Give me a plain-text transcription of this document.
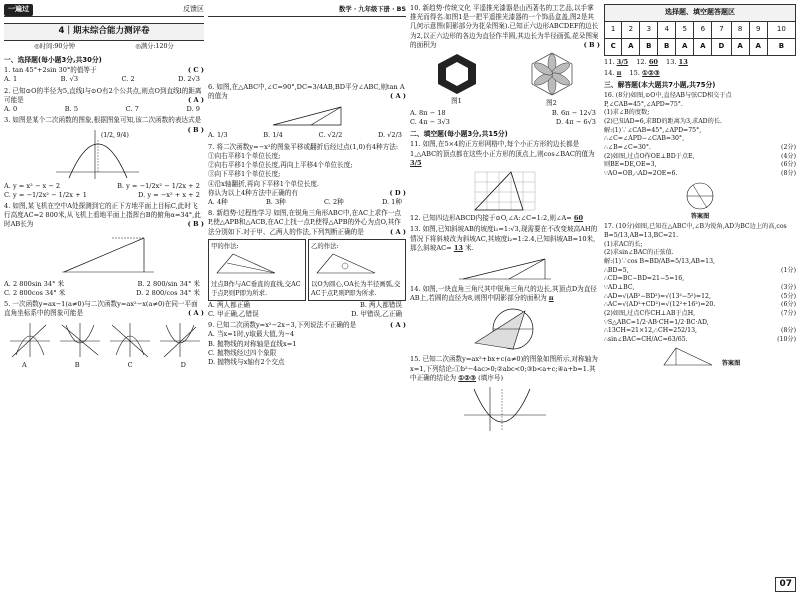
一遍过	反馈区
4｜期末综合能力测评卷
◎时间:90分钟	◎满分:120分
一、选择题(每小题3分,共30分)
1. tan 45°+2sin 30°的值等于	( C )
A. 1	B. √3	C. 2	D. 2√3
2. 已知⊙O的半径为5,直线l与⊙O有2个公共点,则点O到直线l的距离可能是	( A )
A. 0	B. 5	C. 7	D. 9
3. 如图是某个二次函数的图象,根据图象可知,该二次函数的表达式是
( B )
(1/2, 9/4)
A. y = x² − x − 2	B. y = −1/2x² − 1/2x + 2
C. y = −1/2x² − 1/2x + 1	D. y = −x² + x + 2
4. 如图,某飞机在空中A处探测到它的正下方地平面上目标C,此时飞行高度AC=2 800米,从飞机上看地平面上指挥台B的俯角α=34°,此时AB长为	( B )
A. 2 800sin 34° 米	B. 2 800/sin 34° 米
C. 2 800cos 34° 米	D. 2 800/cos 34° 米
5. 一次函数y=ax−1(a≠0)与二次函数y=ax²−x(a≠0)在同一平面直角坐标系中的图象可能是	( A )
A	B	C	D
数学 · 九年级下册 · BS
6. 如图,在△ABC中,∠C=90°,DC=3/4AB,BD平分∠ABC,则tan A的值为	( A )
A. 1/3	B. 1/4	C. √2/2	D. √2/3
7. 将二次函数y=−x²的图象平移或翻折后经过点(1,0)有4种方法:
①向右平移1个单位长度;
②向右平移1个单位长度,再向上平移4个单位长度;
③向下平移1个单位长度;
④沿x轴翻折,再向下平移1个单位长度.
你认为以上4种方法中正确的有	( D )
A. 4种	B. 3种	C. 2种	D. 1种
8. 新趋势·过程性学习 如图,在锐角三角形ABC中,在AC上求作一点P,使△APB和△ACB,在AC上找一点P,使得△APB的外心为点O,其作法分别如下.对于甲、乙两人的作法,下列判断正确的是	( A )
甲的作法:
过点B作与AC垂直的直线,交AC于点P,则P即为所求.
乙的作法:
以O为圆心,OA长为半径画弧,交AC于点P,则P即为所求.
A. 两人都正确	B. 两人都错误
C. 甲正确,乙错误	D. 甲错误,乙正确
9. 已知二次函数y=x²−2x−3,下列说法不正确的是	( A )
A. 当x=1时,y取最大值,为−4
B. 抛物线的对称轴是直线x=1
C. 抛物线经过四个象限
D. 抛物线与x轴有2个交点
10. 新趋势·传统文化 平遥推光漆器是山西著名的工艺品,以手掌推光而得名.如图1是一把平遥推光漆器的一个饰品盒盖,图2是其几何示意图(阴影部分为花朵图案).已知正六边形ABCDEF的边长为2,以正六边形的各边为直径作半圆,其边长为半径画弧,花朵图案的面积为	( B )
图1	图2
A. 8π − 18	B. 6π − 12√3
C. 4π − 3√3	D. 4π − 6√3
二、填空题(每小题3分,共15分)
11. 如图,在5×4的正方形网格中,每个小正方形的边长都是1,△ABC的顶点都在这些小正方形的顶点上,则cos∠BAC的值为 3/5
12. 已知四边形ABCD内接于⊙O,∠A:∠C=1:2,则∠A= 60
13. 如图,已知斜坡AB的坡度i₁=1:√3,现需要在不改变坡高AH的情况下将斜坡改为斜坡AC,其坡度i₂=1:2.4,已知斜坡AB=10米,那么斜坡AC= 13 米.
14. 如图,一块直角三角尺其中锐角三角尺的边长,其顶点D为直径AB上,若圆的直径为8,则图中阴影部分的面积为 π
15. 已知二次函数y=ax²+bx+c(a≠0)的图象如图所示,对称轴为x=1,下列结论:①b²−4ac>0;②abc<0;③b<a+c;④a+b=1.其中正确的结论为 ①②③ (填序号)
选择题、填空题答题区									
1	2	3	4	5	6	7	8	9	10
C	A	B	B	A	A	D	A	A	B
11. 3/5 12. 60 13. 13
14. π 15. ①②③
三、解答题(本大题共7小题,共75分)
16. (8分)如图,⊙O中,直径AB与弦CD相交于点P,∠CAB=45°,∠APD=75°.
(1)求∠B的度数;
(2)已知AD=6,求BD的距离为3,求AD的长.
解:(1)∵∠CAB=45°,∠APD=75°,
∴∠C=∠APD−∠CAB=30°,
∴∠B=∠C=30°.	(2分)
(2)如图,过点O作OE⊥BD于点E,	(4分)
则BE=DE,OE=3,	(6分)
∵AO=OB,∴AD=2OE=6.	(8分)
答案图
17. (10分)如图,已知在△ABC中,∠B为锐角,AD为BC边上的高,cos B=5/13,AB=13,BC=21.
(1)求AC的长;
(2)求sin∠BAC的正弦值.
解:(1)∵cos B=BD/AB=5/13,AB=13,
∴BD=5,	(1分)
∴CD=BC−BD=21−5=16,
∵AD⊥BC,	(3分)
∴AD=√(AB²−BD²)=√(13²−5²)=12,	(5分)
∴AC=√(AD²+CD²)=√(12²+16²)=20.	(6分)
(2)如图,过点C作CH⊥AB于点H,	(7分)
∵S△ABC=1/2·AB·CH=1/2·BC·AD,
∴13CH=21×12,∴CH=252/13,	(8分)
∴sin∠BAC=CH/AC=63/65.	(10分)
答案图
07
